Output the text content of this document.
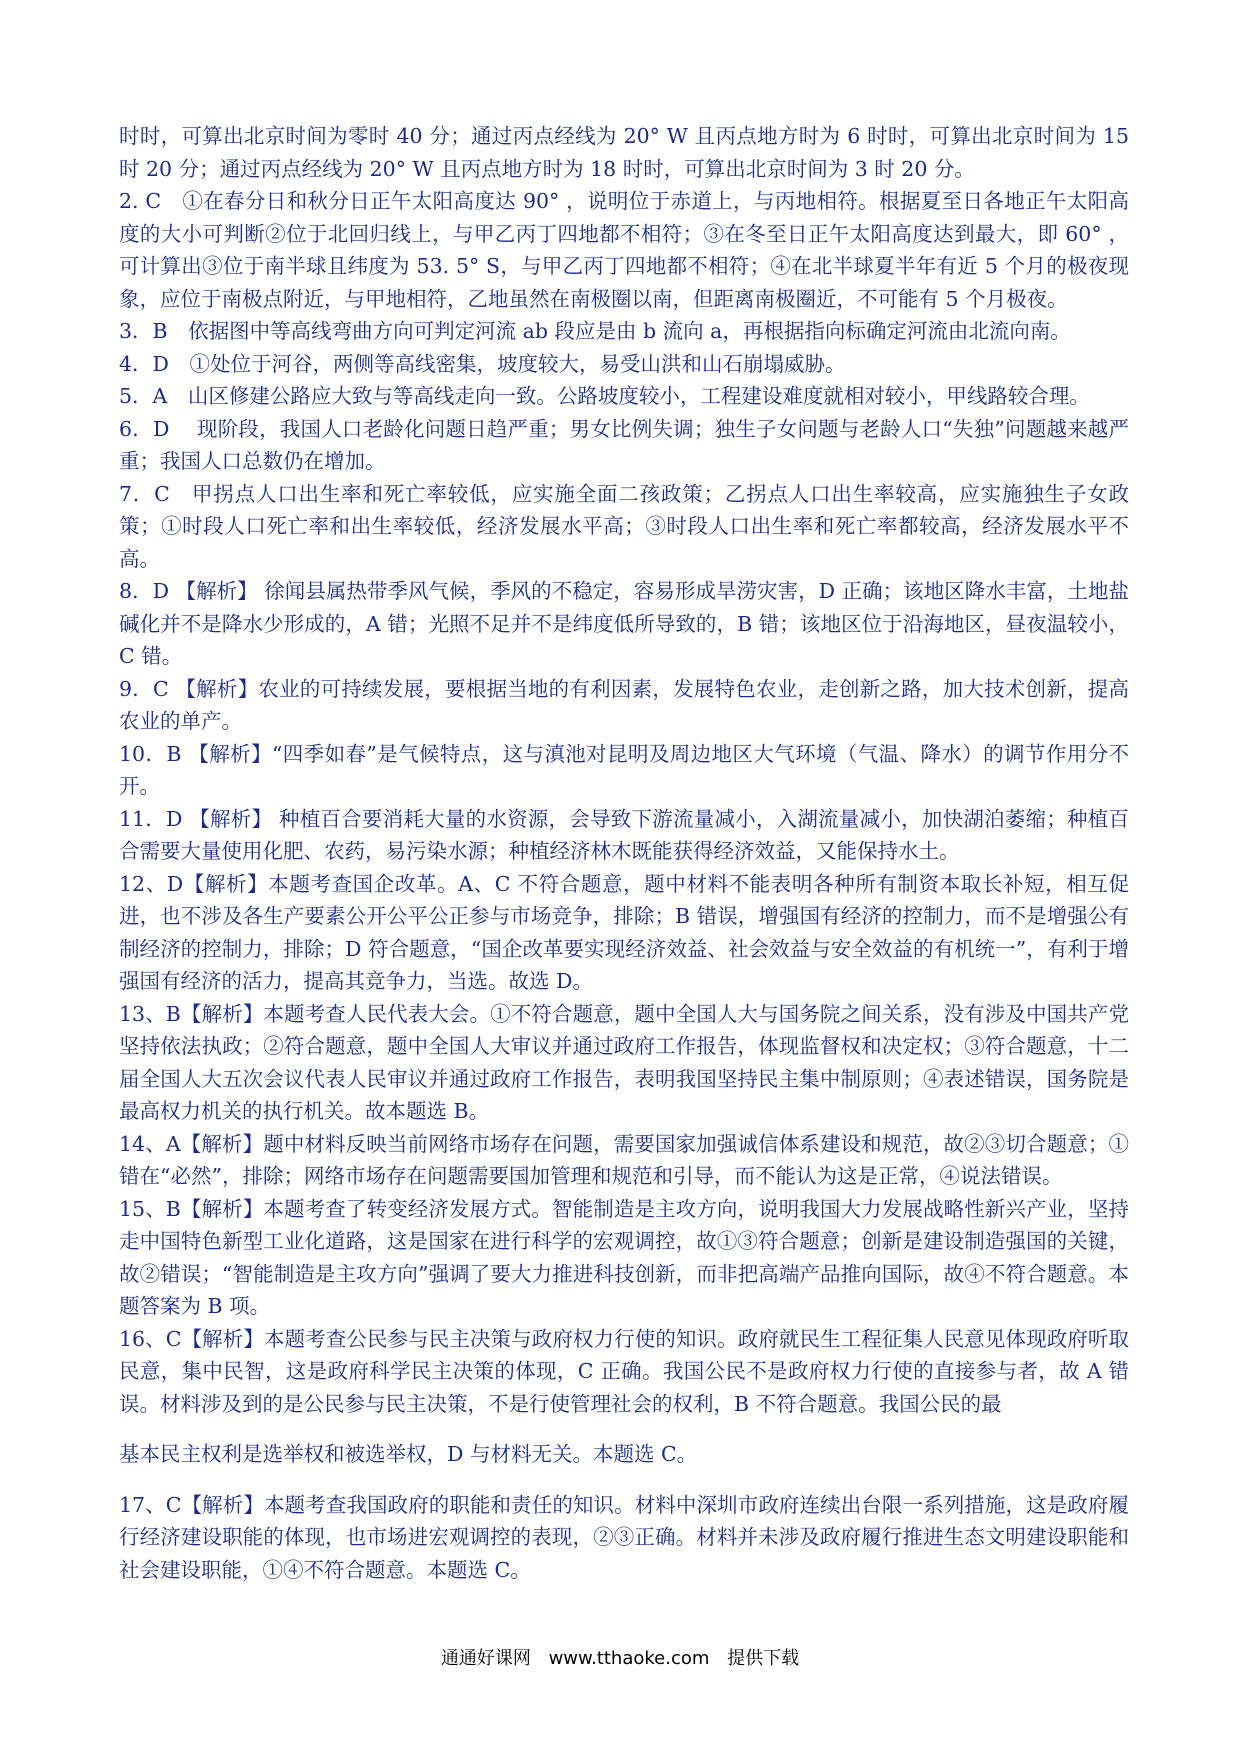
时时，可算出北京时间为零时 40 分；通过丙点经线为 20° W 且丙点地方时为 6 时时，可算出北京时间为 15 时 20 分；通过丙点经线为 20° W 且丙点地方时为 18 时时，可算出北京时间为 3 时 20 分。

2. C　①在春分日和秋分日正午太阳高度达 90° ，说明位于赤道上，与丙地相符。根据夏至日各地正午太阳高度的大小可判断②位于北回归线上，与甲乙丙丁四地都不相符；③在冬至日正午太阳高度达到最大，即 60° ，可计算出③位于南半球且纬度为 53. 5° S，与甲乙丙丁四地都不相符；④在北半球夏半年有近 5 个月的极夜现象，应位于南极点附近，与甲地相符，乙地虽然在南极圈以南，但距离南极圈近，不可能有 5 个月极夜。

3．B　依据图中等高线弯曲方向可判定河流 ab 段应是由 b 流向 a，再根据指向标确定河流由北流向南。

4．D　①处位于河谷，两侧等高线密集，坡度较大，易受山洪和山石崩塌威胁。

5．A　山区修建公路应大致与等高线走向一致。公路坡度较小，工程建设难度就相对较小，甲线路较合理。

6．D　 现阶段，我国人口老龄化问题日趋严重；男女比例失调；独生子女问题与老龄人口“失独”问题越来越严重；我国人口总数仍在增加。

7．C　甲拐点人口出生率和死亡率较低，应实施全面二孩政策；乙拐点人口出生率较高，应实施独生子女政策；①时段人口死亡率和出生率较低，经济发展水平高；③时段人口出生率和死亡率都较高，经济发展水平不高。

8．D 【解析】 徐闻县属热带季风气候，季风的不稳定，容易形成旱涝灾害，D 正确；该地区降水丰富，土地盐碱化并不是降水少形成的，A 错；光照不足并不是纬度低所导致的，B 错；该地区位于沿海地区，昼夜温较小，C 错。

9．C 【解析】农业的可持续发展，要根据当地的有利因素，发展特色农业，走创新之路，加大技术创新，提高农业的单产。

10．B 【解析】“四季如春”是气候特点，这与滇池对昆明及周边地区大气环境（气温、降水）的调节作用分不开。

11．D 【解析】 种植百合要消耗大量的水资源，会导致下游流量减小，入湖流量减小，加快湖泊萎缩；种植百合需要大量使用化肥、农药，易污染水源；种植经济林木既能获得经济效益，又能保持水土。

12、D【解析】本题考查国企改革。A、C 不符合题意，题中材料不能表明各种所有制资本取长补短，相互促进，也不涉及各生产要素公开公平公正参与市场竞争，排除；B 错误，增强国有经济的控制力，而不是增强公有制经济的控制力，排除；D 符合题意，“国企改革要实现经济效益、社会效益与安全效益的有机统一”，有利于增强国有经济的活力，提高其竞争力，当选。故选 D。

13、B【解析】本题考查人民代表大会。①不符合题意，题中全国人大与国务院之间关系，没有涉及中国共产党坚持依法执政；②符合题意，题中全国人大审议并通过政府工作报告，体现监督权和决定权；③符合题意，十二届全国人大五次会议代表人民审议并通过政府工作报告，表明我国坚持民主集中制原则；④表述错误，国务院是最高权力机关的执行机关。故本题选 B。

14、A【解析】题中材料反映当前网络市场存在问题，需要国家加强诚信体系建设和规范，故②③切合题意；①错在“必然”，排除；网络市场存在问题需要国加管理和规范和引导，而不能认为这是正常，④说法错误。

15、B【解析】本题考查了转变经济发展方式。智能制造是主攻方向，说明我国大力发展战略性新兴产业，坚持走中国特色新型工业化道路，这是国家在进行科学的宏观调控，故①③符合题意；创新是建设制造强国的关键，故②错误；“智能制造是主攻方向”强调了要大力推进科技创新，而非把高端产品推向国际，故④不符合题意。本题答案为 B 项。

16、C【解析】本题考查公民参与民主决策与政府权力行使的知识。政府就民生工程征集人民意见体现政府听取民意，集中民智，这是政府科学民主决策的体现，C 正确。我国公民不是政府权力行使的直接参与者，故 A 错误。材料涉及到的是公民参与民主决策，不是行使管理社会的权利，B 不符合题意。我国公民的最

基本民主权利是选举权和被选举权，D 与材料无关。本题选 C。

17、C【解析】本题考查我国政府的职能和责任的知识。材料中深圳市政府连续出台限一系列措施，这是政府履行经济建设职能的体现，也市场进宏观调控的表现，②③正确。材料并未涉及政府履行推进生态文明建设职能和社会建设职能，①④不符合题意。本题选 C。

通通好课网 www.tthaoke.com 提供下载
